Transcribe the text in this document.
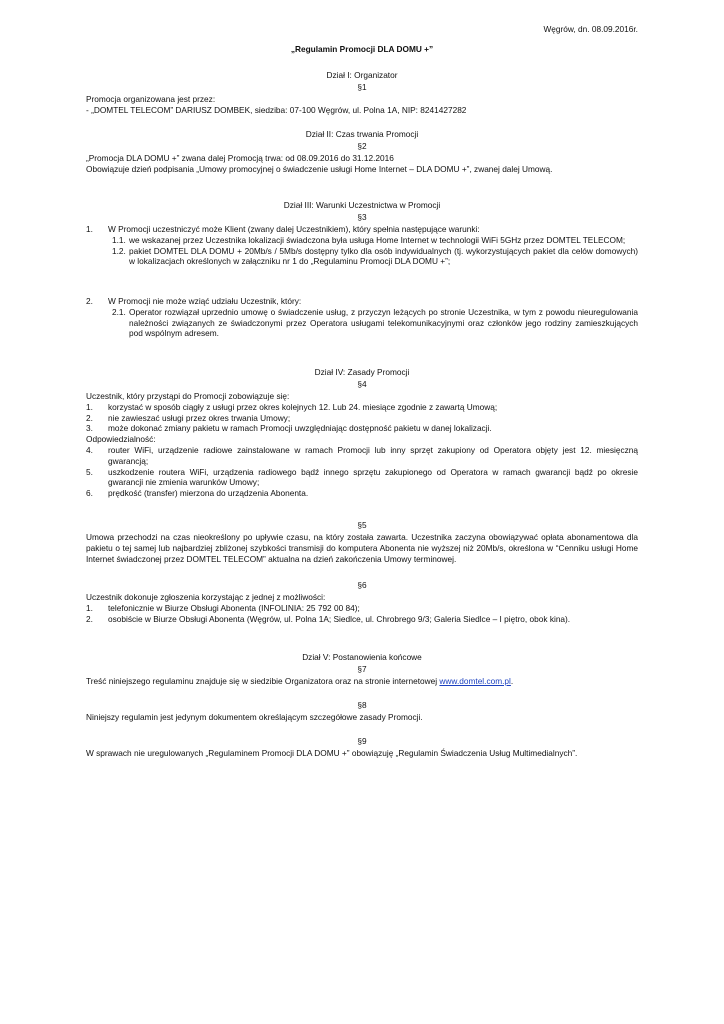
Węgrów, dn. 08.09.2016r.
„Regulamin Promocji DLA DOMU +”
Dział I: Organizator
§1
Promocja organizowana jest przez:
- „DOMTEL TELECOM” DARIUSZ DOMBEK, siedziba: 07-100 Węgrów, ul. Polna 1A, NIP: 8241427282
Dział II: Czas trwania Promocji
§2
„Promocja DLA DOMU +” zwana dalej Promocją trwa: od 08.09.2016 do 31.12.2016
Obowiązuje dzień podpisania „Umowy promocyjnej o świadczenie usługi Home Internet – DLA DOMU +”, zwanej dalej Umową.
Dział III: Warunki Uczestnictwa w Promocji
§3
1.	W Promocji uczestniczyć może Klient (zwany dalej Uczestnikiem), który spełnia następujące warunki:
1.1. we wskazanej przez Uczestnika lokalizacji świadczona była usługa Home Internet w technologii WiFi 5GHz przez DOMTEL TELECOM;
1.2. pakiet DOMTEL DLA DOMU + 20Mb/s / 5Mb/s dostępny tylko dla osób indywidualnych (tj. wykorzystujących pakiet dla celów domowych) w lokalizacjach określonych w załączniku nr 1 do „Regulaminu Promocji DLA DOMU +”;
2.	W Promocji nie może wziąć udziału Uczestnik, który:
2.1. Operator rozwiązał uprzednio umowę o świadczenie usług, z przyczyn leżących po stronie Uczestnika, w tym z powodu nieuregulowania należności związanych ze świadczonymi przez Operatora usługami telekomunikacyjnymi oraz członków jego rodziny zamieszkujących pod wspólnym adresem.
Dział IV: Zasady Promocji
§4
Uczestnik, który przystąpi do Promocji zobowiązuje się:
1.	korzystać w sposób ciągły z usługi przez okres kolejnych 12. Lub 24. miesiące zgodnie z zawartą Umową;
2.	nie zawieszać usługi przez okres trwania Umowy;
3.	może dokonać zmiany pakietu w ramach Promocji uwzględniając dostępność pakietu w danej lokalizacji.
Odpowiedzialność:
4.	router WiFi, urządzenie radiowe zainstalowane w ramach Promocji lub inny sprzęt zakupiony od Operatora objęty jest 12. miesięczną gwarancją;
5.	uszkodzenie routera WiFi, urządzenia radiowego bądź innego sprzętu zakupionego od Operatora w ramach gwarancji bądź po okresie gwarancji nie zmienia warunków Umowy;
6.	prędkość (transfer) mierzona do urządzenia Abonenta.
§5
Umowa przechodzi na czas nieokreślony po upływie czasu, na który została zawarta. Uczestnika zaczyna obowiązywać opłata abonamentowa dla pakietu o tej samej lub najbardziej zbliżonej szybkości transmisji do komputera Abonenta nie wyższej niż 20Mb/s, określona w “Cenniku usługi Home Internet świadczonej przez DOMTEL TELECOM” aktualna na dzień zakończenia Umowy terminowej.
§6
Uczestnik dokonuje zgłoszenia korzystając z jednej z możliwości:
1.	telefonicznie w Biurze Obsługi Abonenta (INFOLINIA: 25 792 00 84);
2.	osobiście w Biurze Obsługi Abonenta (Węgrów, ul. Polna 1A; Siedlce, ul. Chrobrego 9/3; Galeria Siedlce – I piętro, obok kina).
Dział V: Postanowienia końcowe
§7
Treść niniejszego regulaminu znajduje się w siedzibie Organizatora oraz na stronie internetowej www.domtel.com.pl.
§8
Niniejszy regulamin jest jedynym dokumentem określającym szczegółowe zasady Promocji.
§9
W sprawach nie uregulowanych „Regulaminem Promocji DLA DOMU +” obowiązuję „Regulamin Świadczenia Usług Multimedialnych”.
